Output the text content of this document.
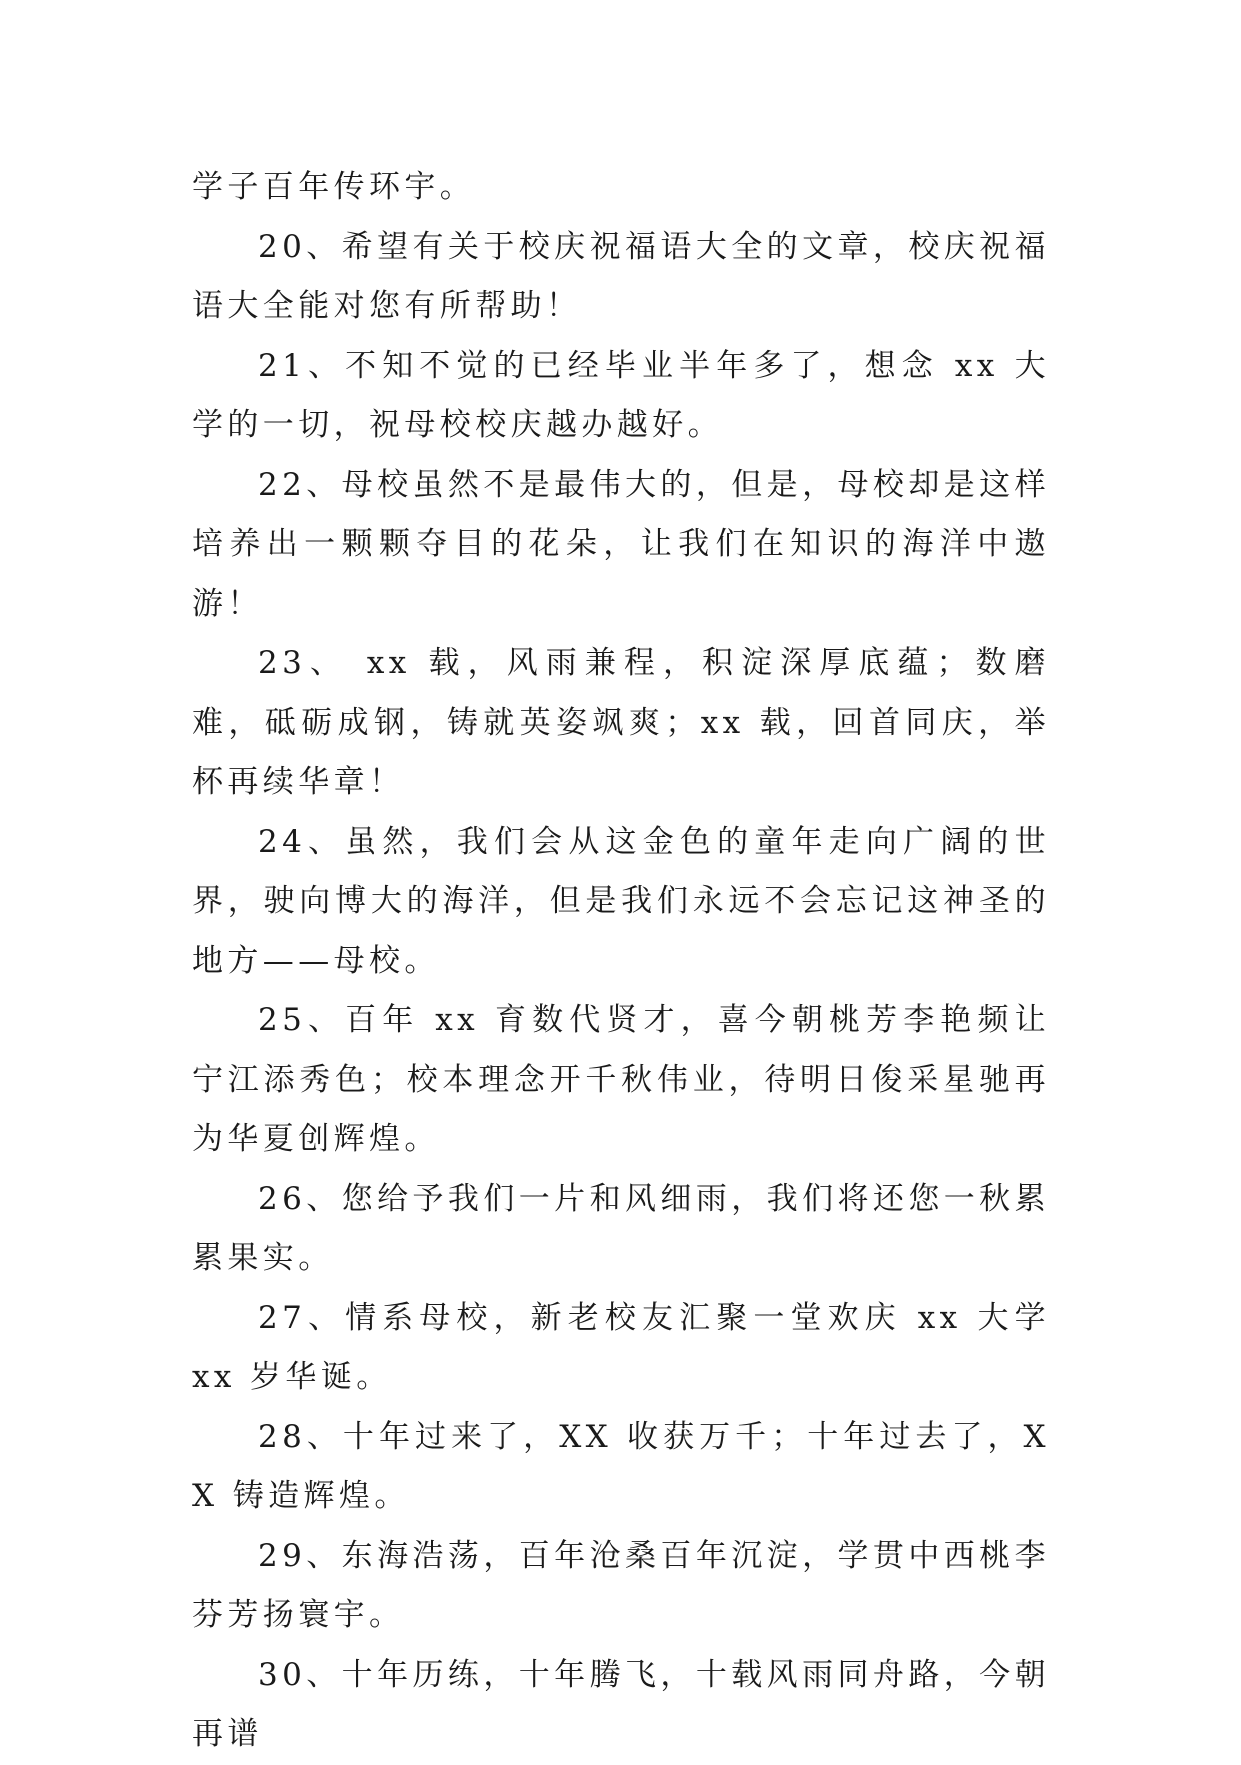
学子百年传环宇。

20、希望有关于校庆祝福语大全的文章，校庆祝福语大全能对您有所帮助！

21、不知不觉的已经毕业半年多了，想念 xx 大学的一切，祝母校校庆越办越好。

22、母校虽然不是最伟大的，但是，母校却是这样培养出一颗颗夺目的花朵，让我们在知识的海洋中遨游！

23、 xx 载，风雨兼程，积淀深厚底蕴；数磨难，砥砺成钢，铸就英姿飒爽；xx 载，回首同庆，举杯再续华章！

24、虽然，我们会从这金色的童年走向广阔的世界，驶向博大的海洋，但是我们永远不会忘记这神圣的地方——母校。

25、百年 xx 育数代贤才，喜今朝桃芳李艳频让宁江添秀色；校本理念开千秋伟业，待明日俊采星驰再为华夏创辉煌。

26、您给予我们一片和风细雨，我们将还您一秋累累果实。

27、情系母校，新老校友汇聚一堂欢庆 xx 大学 xx 岁华诞。

28、十年过来了，XX 收获万千；十年过去了，XX 铸造辉煌。

29、东海浩荡，百年沧桑百年沉淀，学贯中西桃李芬芳扬寰宇。

30、十年历练，十年腾飞，十载风雨同舟路，今朝再谱
